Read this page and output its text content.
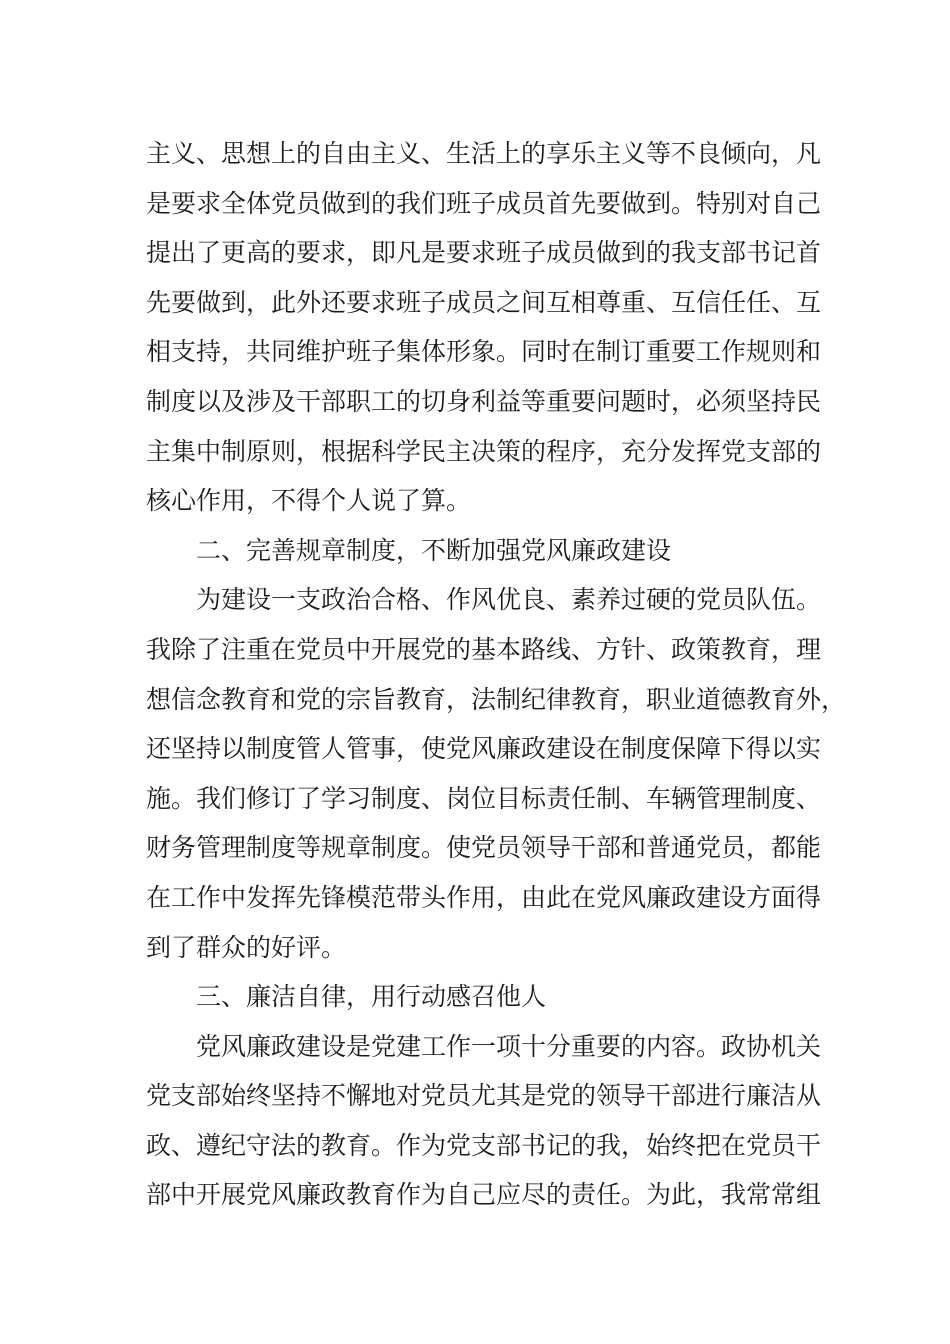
主义、思想上的自由主义、生活上的享乐主义等不良倾向，凡
是要求全体党员做到的我们班子成员首先要做到。特别对自己
提出了更高的要求，即凡是要求班子成员做到的我支部书记首
先要做到，此外还要求班子成员之间互相尊重、互信任任、互
相支持，共同维护班子集体形象。同时在制订重要工作规则和
制度以及涉及干部职工的切身利益等重要问题时，必须坚持民
主集中制原则，根据科学民主决策的程序，充分发挥党支部的
核心作用，不得个人说了算。
二、完善规章制度，不断加强党风廉政建设
为建设一支政治合格、作风优良、素养过硬的党员队伍。
我除了注重在党员中开展党的基本路线、方针、政策教育，理
想信念教育和党的宗旨教育，法制纪律教育，职业道德教育外，
还坚持以制度管人管事，使党风廉政建设在制度保障下得以实
施。我们修订了学习制度、岗位目标责任制、车辆管理制度、
财务管理制度等规章制度。使党员领导干部和普通党员，都能
在工作中发挥先锋模范带头作用，由此在党风廉政建设方面得
到了群众的好评。
三、廉洁自律，用行动感召他人
党风廉政建设是党建工作一项十分重要的内容。政协机关
党支部始终坚持不懈地对党员尤其是党的领导干部进行廉洁从
政、遵纪守法的教育。作为党支部书记的我，始终把在党员干
部中开展党风廉政教育作为自己应尽的责任。为此，我常常组
